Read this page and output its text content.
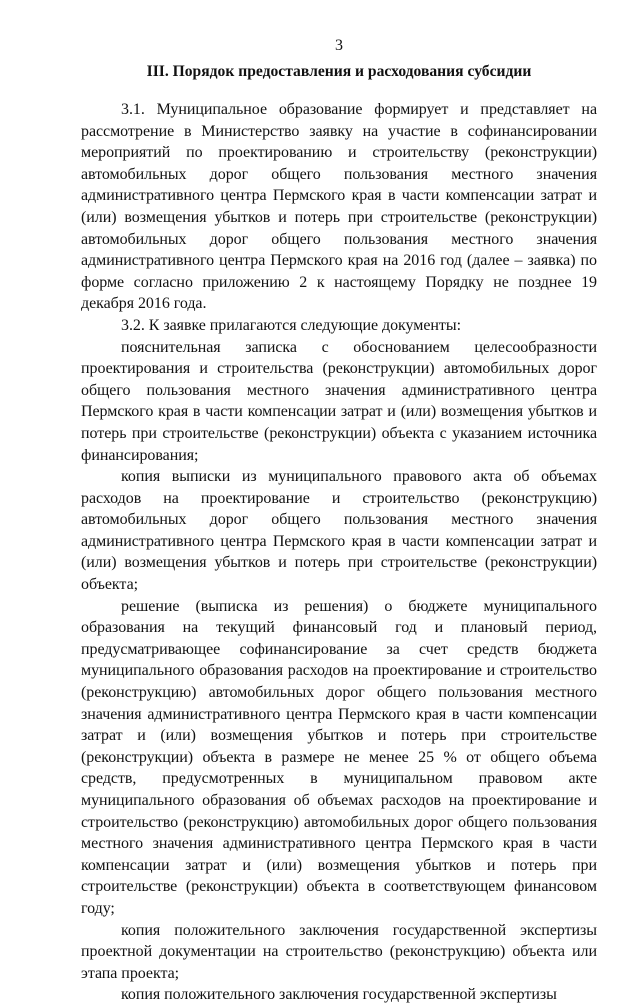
3
III. Порядок предоставления и расходования субсидии

3.1. Муниципальное образование формирует и представляет на рассмотрение в Министерство заявку на участие в софинансировании мероприятий по проектированию и строительству (реконструкции) автомобильных дорог общего пользования местного значения административного центра Пермского края в части компенсации затрат и (или) возмещения убытков и потерь при строительстве (реконструкции) автомобильных дорог общего пользования местного значения административного центра Пермского края на 2016 год (далее – заявка) по форме согласно приложению 2 к настоящему Порядку не позднее 19 декабря 2016 года.

3.2. К заявке прилагаются следующие документы:

пояснительная записка с обоснованием целесообразности проектирования и строительства (реконструкции) автомобильных дорог общего пользования местного значения административного центра Пермского края в части компенсации затрат и (или) возмещения убытков и потерь при строительстве (реконструкции) объекта с указанием источника финансирования;

копия выписки из муниципального правового акта об объемах расходов на проектирование и строительство (реконструкцию) автомобильных дорог общего пользования местного значения административного центра Пермского края в части компенсации затрат и (или) возмещения убытков и потерь при строительстве (реконструкции) объекта;

решение (выписка из решения) о бюджете муниципального образования на текущий финансовый год и плановый период, предусматривающее софинансирование за счет средств бюджета муниципального образования расходов на проектирование и строительство (реконструкцию) автомобильных дорог общего пользования местного значения административного центра Пермского края в части компенсации затрат и (или) возмещения убытков и потерь при строительстве (реконструкции) объекта в размере не менее 25 % от общего объема средств, предусмотренных в муниципальном правовом акте муниципального образования об объемах расходов на проектирование и строительство (реконструкцию) автомобильных дорог общего пользования местного значения административного центра Пермского края в части компенсации затрат и (или) возмещения убытков и потерь при строительстве (реконструкции) объекта в соответствующем финансовом году;

копия положительного заключения государственной экспертизы проектной документации на строительство (реконструкцию) объекта или этапа проекта;

копия положительного заключения государственной экспертизы
